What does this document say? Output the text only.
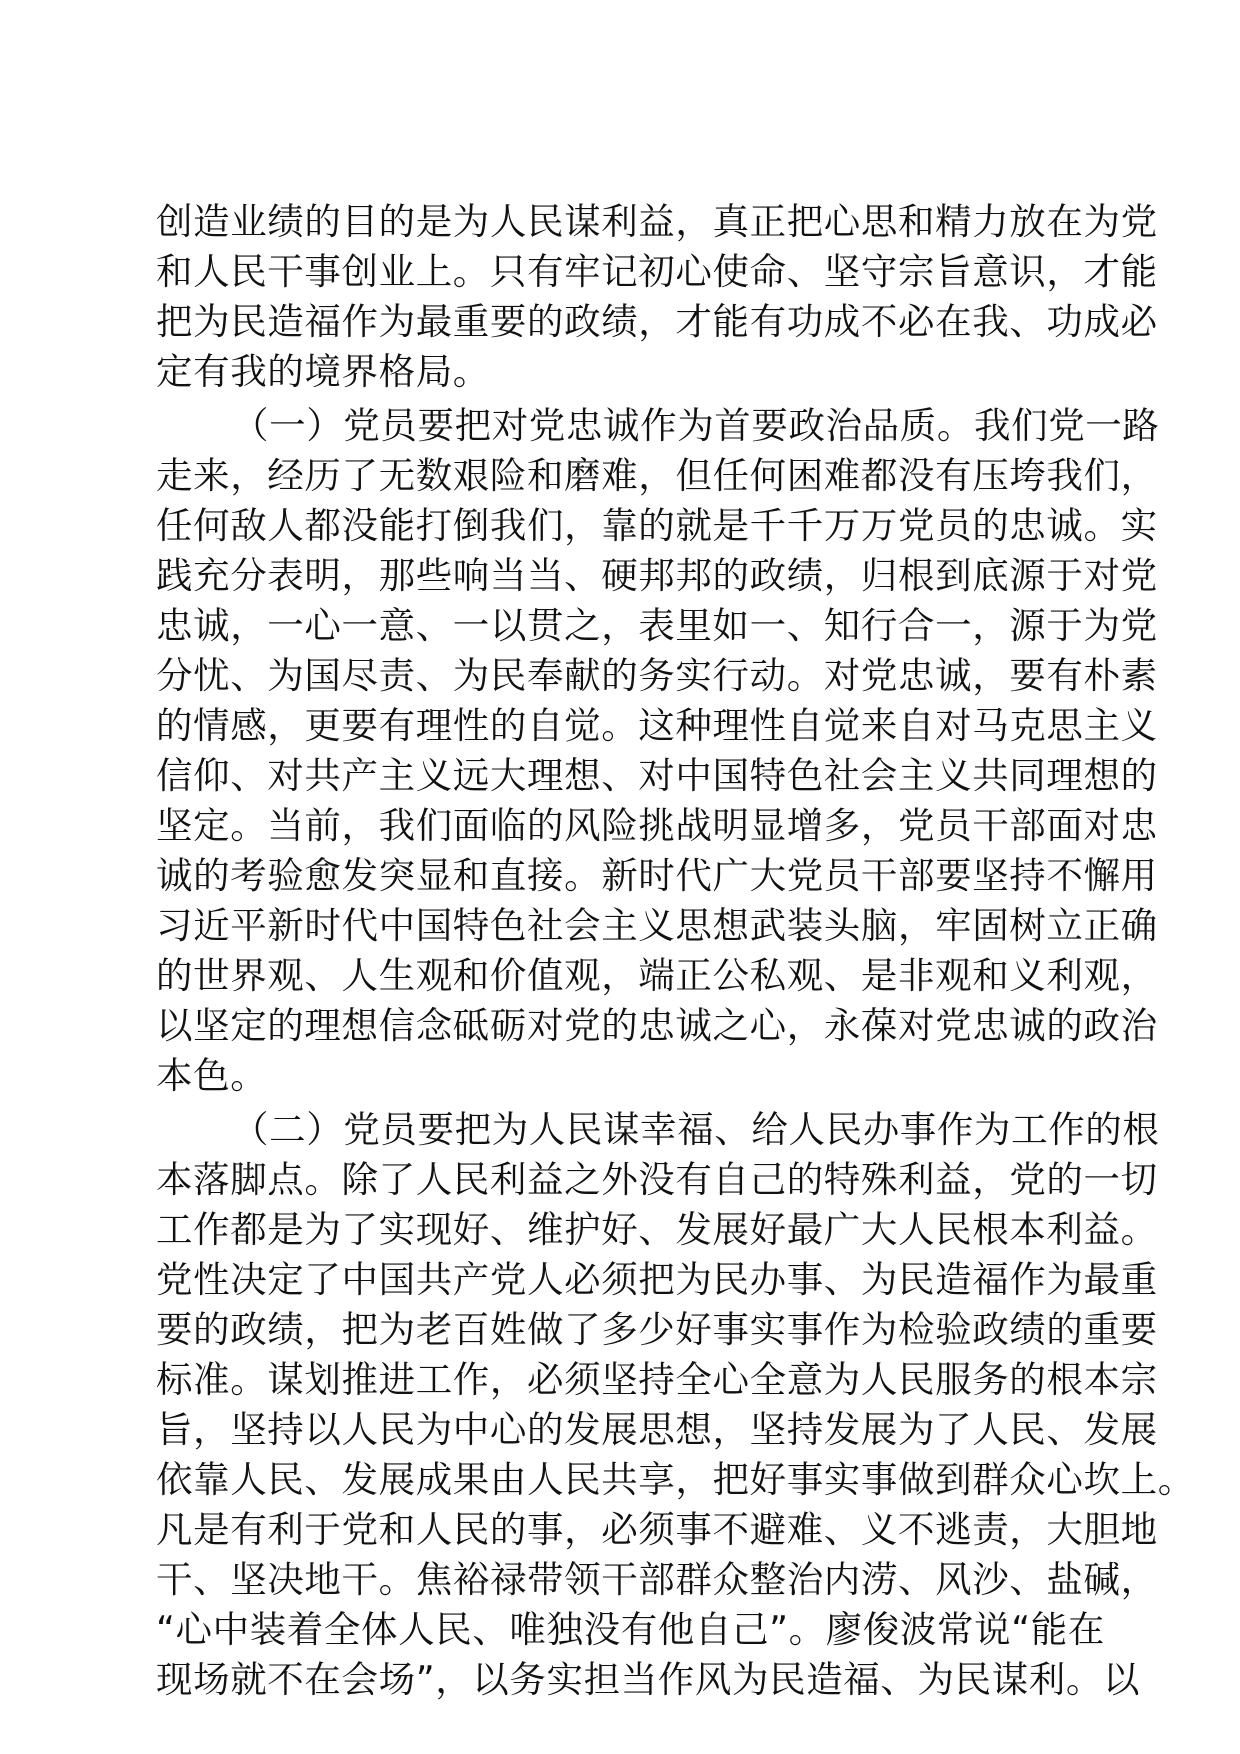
创造业绩的目的是为人民谋利益，真正把心思和精力放在为党
和人民干事创业上。只有牢记初心使命、坚守宗旨意识，才能
把为民造福作为最重要的政绩，才能有功成不必在我、功成必
定有我的境界格局。
（一）党员要把对党忠诚作为首要政治品质。我们党一路
走来，经历了无数艰险和磨难，但任何困难都没有压垮我们，
任何敌人都没能打倒我们，靠的就是千千万万党员的忠诚。实
践充分表明，那些响当当、硬邦邦的政绩，归根到底源于对党
忠诚，一心一意、一以贯之，表里如一、知行合一，源于为党
分忧、为国尽责、为民奉献的务实行动。对党忠诚，要有朴素
的情感，更要有理性的自觉。这种理性自觉来自对马克思主义
信仰、对共产主义远大理想、对中国特色社会主义共同理想的
坚定。当前，我们面临的风险挑战明显增多，党员干部面对忠
诚的考验愈发突显和直接。新时代广大党员干部要坚持不懈用
习近平新时代中国特色社会主义思想武装头脑，牢固树立正确
的世界观、人生观和价值观，端正公私观、是非观和义利观，
以坚定的理想信念砥砺对党的忠诚之心，永葆对党忠诚的政治
本色。
（二）党员要把为人民谋幸福、给人民办事作为工作的根
本落脚点。除了人民利益之外没有自己的特殊利益，党的一切
工作都是为了实现好、维护好、发展好最广大人民根本利益。
党性决定了中国共产党人必须把为民办事、为民造福作为最重
要的政绩，把为老百姓做了多少好事实事作为检验政绩的重要
标准。谋划推进工作，必须坚持全心全意为人民服务的根本宗
旨，坚持以人民为中心的发展思想，坚持发展为了人民、发展
依靠人民、发展成果由人民共享，把好事实事做到群众心坎上。
凡是有利于党和人民的事，必须事不避难、义不逃责，大胆地
干、坚决地干。焦裕禄带领干部群众整治内涝、风沙、盐碱，
“心中装着全体人民、唯独没有他自己”。廖俊波常说“能在
现场就不在会场”，以务实担当作风为民造福、为民谋利。以
